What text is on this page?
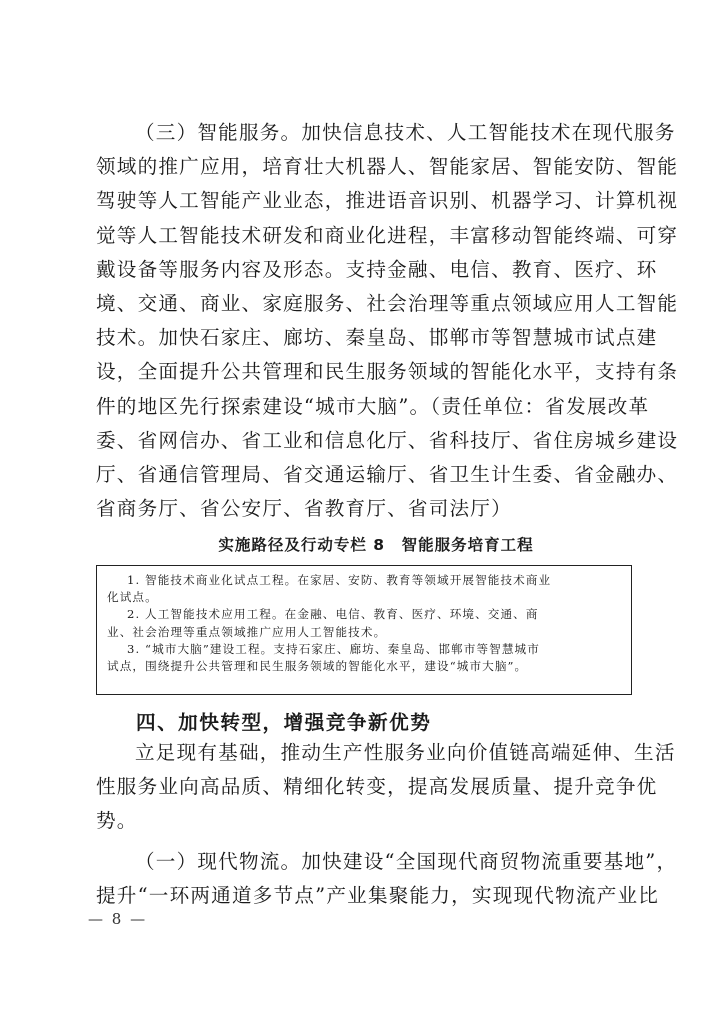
（三）智能服务。加快信息技术、人工智能技术在现代服务
领域的推广应用，培育壮大机器人、智能家居、智能安防、智能
驾驶等人工智能产业业态，推进语音识别、机器学习、计算机视
觉等人工智能技术研发和商业化进程，丰富移动智能终端、可穿
戴设备等服务内容及形态。支持金融、电信、教育、医疗、环
境、交通、商业、家庭服务、社会治理等重点领域应用人工智能
技术。加快石家庄、廊坊、秦皇岛、邯郸市等智慧城市试点建
设，全面提升公共管理和民生服务领域的智能化水平，支持有条
件的地区先行探索建设“城市大脑”。（责任单位：省发展改革
委、省网信办、省工业和信息化厅、省科技厅、省住房城乡建设
厅、省通信管理局、省交通运输厅、省卫生计生委、省金融办、
省商务厅、省公安厅、省教育厅、省司法厅）

实施路径及行动专栏 8　智能服务培育工程

1. 智能技术商业化试点工程。在家居、安防、教育等领域开展智能技术商业
化试点。
2. 人工智能技术应用工程。在金融、电信、教育、医疗、环境、交通、商
业、社会治理等重点领域推广应用人工智能技术。
3. “城市大脑”建设工程。支持石家庄、廊坊、秦皇岛、邯郸市等智慧城市
试点，围绕提升公共管理和民生服务领域的智能化水平，建设“城市大脑”。

四、加快转型，增强竞争新优势

立足现有基础，推动生产性服务业向价值链高端延伸、生活
性服务业向高品质、精细化转变，提高发展质量、提升竞争优
势。
（一）现代物流。加快建设“全国现代商贸物流重要基地”，
提升“一环两通道多节点”产业集聚能力，实现现代物流产业比

— 8 —
